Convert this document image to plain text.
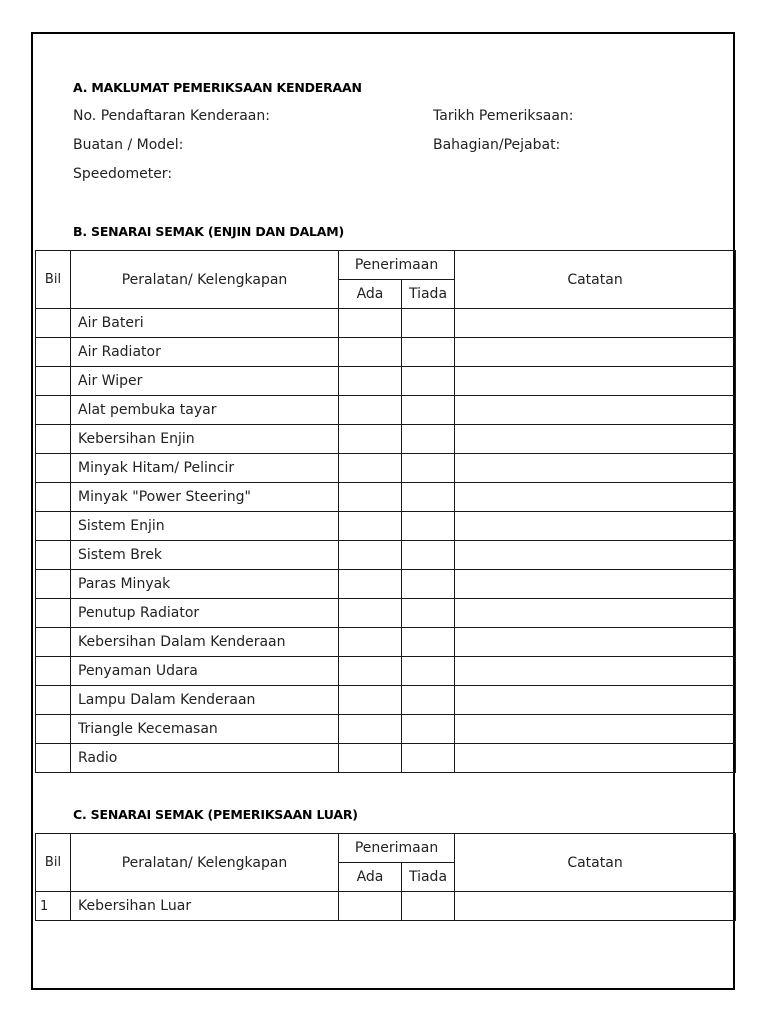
A. MAKLUMAT PEMERIKSAAN KENDERAAN
No. Pendaftaran Kenderaan:	Tarikh Pemeriksaan:
Buatan / Model:	Bahagian/Pejabat:
Speedometer:
B. SENARAI SEMAK (ENJIN DAN DALAM)
Bil	Peralatan/ Kelengkapan	Penerimaan		Catatan
		Ada	Tiada	
	Air Bateri			
	Air Radiator			
	Air Wiper			
	Alat pembuka tayar			
	Kebersihan Enjin			
	Minyak Hitam/ Pelincir			
	Minyak "Power Steering"			
	Sistem Enjin			
	Sistem Brek			
	Paras Minyak			
	Penutup Radiator			
	Kebersihan Dalam Kenderaan			
	Penyaman Udara			
	Lampu Dalam Kenderaan			
	Triangle Kecemasan			
	Radio			
C. SENARAI SEMAK (PEMERIKSAAN LUAR)
Bil	Peralatan/ Kelengkapan	Penerimaan		Catatan
		Ada	Tiada	
1	Kebersihan Luar			
